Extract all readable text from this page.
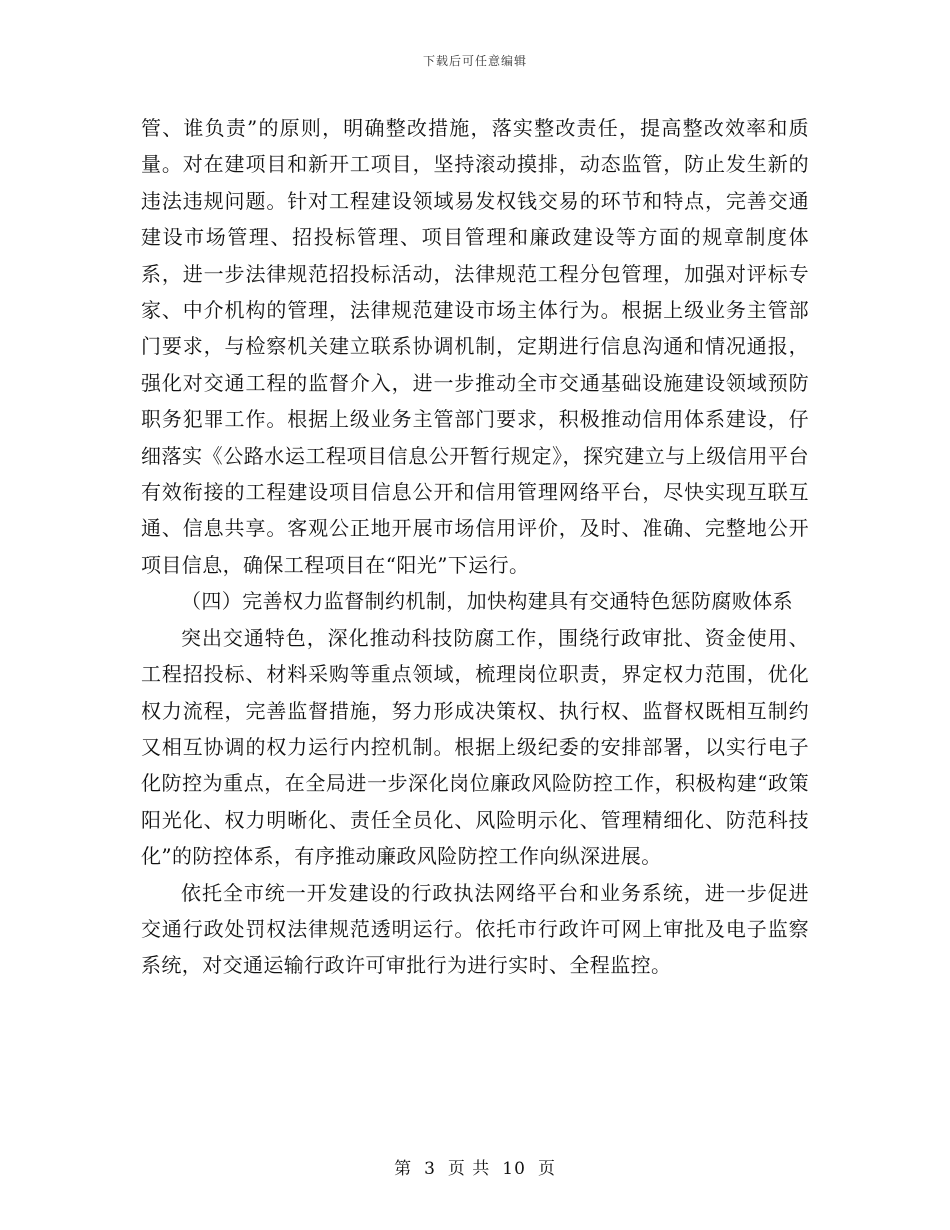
下载后可任意编辑

管、谁负责”的原则，明确整改措施，落实整改责任，提高整改效率和质量。对在建项目和新开工项目，坚持滚动摸排，动态监管，防止发生新的违法违规问题。针对工程建设领域易发权钱交易的环节和特点，完善交通建设市场管理、招投标管理、项目管理和廉政建设等方面的规章制度体系，进一步法律规范招投标活动，法律规范工程分包管理，加强对评标专家、中介机构的管理，法律规范建设市场主体行为。根据上级业务主管部门要求，与检察机关建立联系协调机制，定期进行信息沟通和情况通报，强化对交通工程的监督介入，进一步推动全市交通基础设施建设领域预防职务犯罪工作。根据上级业务主管部门要求，积极推动信用体系建设，仔细落实《公路水运工程项目信息公开暂行规定》，探究建立与上级信用平台有效衔接的工程建设项目信息公开和信用管理网络平台，尽快实现互联互通、信息共享。客观公正地开展市场信用评价，及时、准确、完整地公开项目信息，确保工程项目在“阳光”下运行。

（四）完善权力监督制约机制，加快构建具有交通特色惩防腐败体系

突出交通特色，深化推动科技防腐工作，围绕行政审批、资金使用、工程招投标、材料采购等重点领域，梳理岗位职责，界定权力范围，优化权力流程，完善监督措施，努力形成决策权、执行权、监督权既相互制约又相互协调的权力运行内控机制。根据上级纪委的安排部署，以实行电子化防控为重点，在全局进一步深化岗位廉政风险防控工作，积极构建“政策阳光化、权力明晰化、责任全员化、风险明示化、管理精细化、防范科技化”的防控体系，有序推动廉政风险防控工作向纵深进展。

依托全市统一开发建设的行政执法网络平台和业务系统，进一步促进交通行政处罚权法律规范透明运行。依托市行政许可网上审批及电子监察系统，对交通运输行政许可审批行为进行实时、全程监控。

第 3 页 共 10 页
